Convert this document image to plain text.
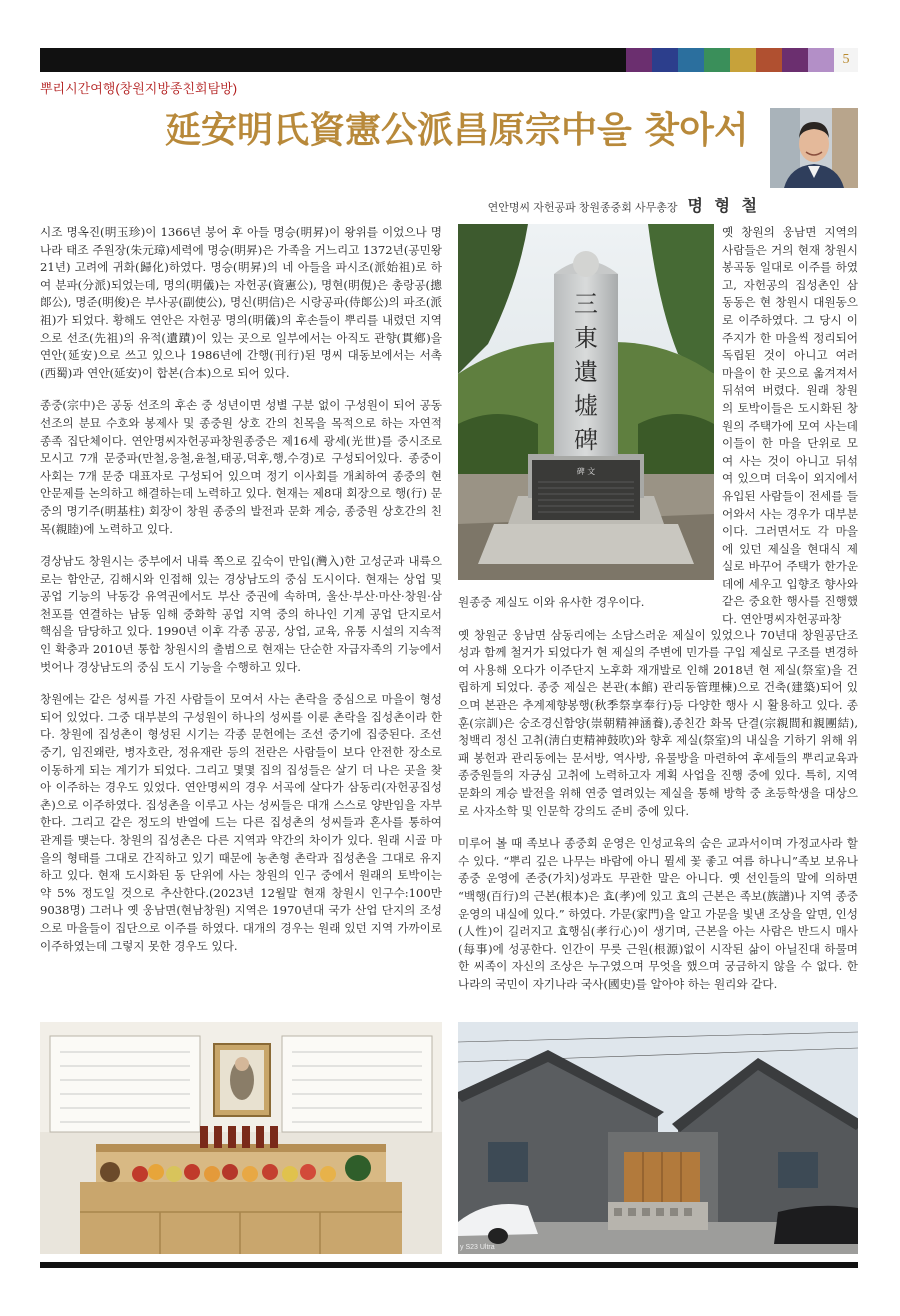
5
뿌리시간여행(창원지방종친회탐방)
延安明氏資憲公派昌原宗中을 찾아서
연안명씨 자헌공파 창원종중회 사무총장 명 형 철

시조 명옥진(明玉珍)이 1366년 붕어 후 아들 명승(明昇)이 왕위를 이었으나 명나라 태조 주원장(朱元璋)세력에 명승(明昇)은 가족을 거느리고 1372년(공민왕 21년) 고려에 귀화(歸化)하였다. 명승(明昇)의 네 아들을 파시조(派始祖)로 하여 분파(分派)되었는데, 명의(明儀)는 자헌공(資憲公), 명현(明俔)은 총랑공(摠郞公), 명준(明俊)은 부사공(副使公), 명신(明信)은 시랑공파(侍郞公)의 파조(派祖)가 되었다. 황해도 연안은 자헌공 명의(明儀)의 후손들이 뿌리를 내렸던 지역으로 선조(先祖)의 유적(遺蹟)이 있는 곳으로 일부에서는 아직도 관향(貫鄕)을 연안(延安)으로 쓰고 있으나 1986년에 간행(刊行)된 명씨 대동보에서는 서촉(西蜀)과 연안(延安)이 합본(合本)으로 되어 있다.

종중(宗中)은 공동 선조의 후손 중 성년이면 성별 구분 없이 구성원이 되어 공동 선조의 분묘 수호와 봉제사 및 종중원 상호 간의 친목을 목적으로 하는 자연적 종족 집단체이다. 연안명씨자헌공파창원종중은 제16세 광세(光世)를 중시조로 모시고 7개 문중파(만철,응철,윤철,태공,덕후,행,수경)로 구성되어있다. 종중이사회는 7개 문중 대표자로 구성되어 있으며 정기 이사회를 개최하여 종중의 현안문제를 논의하고 해결하는데 노력하고 있다. 현재는 제8대 회장으로 행(行) 문중의 명기주(明基柱) 회장이 창원 종중의 발전과 문화 계승, 종중원 상호간의 친목(親睦)에 노력하고 있다.

경상남도 창원시는 중부에서 내륙 쪽으로 깊숙이 만입(灣入)한 고성군과 내륙으로는 함안군, 김해시와 인접해 있는 경상남도의 중심 도시이다. 현재는 상업 및 공업 기능의 낙동강 유역권에서도 부산 중권에 속하며, 울산·부산·마산·창원·삼천포를 연결하는 남동 임해 중화학 공업 지역 중의 하나인 기계 공업 단지로서 핵심을 담당하고 있다. 1990년 이후 각종 공공, 상업, 교육, 유통 시설의 지속적인 확충과 2010년 통합 창원시의 출범으로 현재는 단순한 자급자족의 기능에서 벗어나 경상남도의 중심 도시 기능을 수행하고 있다.

창원에는 같은 성씨를 가진 사람들이 모여서 사는 촌락을 중심으로 마을이 형성되어 있었다. 그중 대부분의 구성원이 하나의 성씨를 이룬 촌락을 집성촌이라 한다. 창원에 집성촌이 형성된 시기는 각종 문헌에는 조선 중기에 집중된다. 조선 중기, 임진왜란, 병자호란, 정유재란 등의 전란은 사람들이 보다 안전한 장소로 이동하게 되는 계기가 되었다. 그리고 몇몇 집의 집성들은 살기 더 나은 곳을 찾아 이주하는 경우도 있었다. 연안명씨의 경우 서곡에 살다가 삼동리(자헌공집성촌)으로 이주하였다. 집성촌을 이루고 사는 성씨들은 대개 스스로 양반임을 자부한다. 그리고 같은 정도의 반열에 드는 다른 집성촌의 성씨들과 혼사를 통하여 관계를 맺는다. 창원의 집성촌은 다른 지역과 약간의 차이가 있다. 원래 시골 마을의 형태를 그대로 간직하고 있기 때문에 농촌형 촌락과 집성촌을 그대로 유지하고 있다. 현재 도시화된 동 단위에 사는 창원의 인구 중에서 원래의 토박이는 약 5% 정도일 것으로 추산한다.(2023년 12월말 현재 창원시 인구수:100만9038명) 그러나 옛 웅남면(현남창원) 지역은 1970년대 국가 산업 단지의 조성으로 마을들이 집단으로 이주를 하였다. 대개의 경우는 원래 있던 지역 가까이로 이주하였는데 그렇지 못한 경우도 있다.

碑 文
三
東
遺
墟
碑

옛 창원의 웅남면 지역의 사람들은 거의 현재 창원시 봉곡동 일대로 이주를 하였고, 자헌공의 집성촌인 삼동동은 현 창원시 대원동으로 이주하였다. 그 당시 이주지가 한 마을씩 정리되어 독립된 것이 아니고 여러 마을이 한 곳으로 옮겨져서 뒤섞여 버렸다. 원래 창원의 토박이들은 도시화된 창원의 주택가에 모여 사는데 이들이 한 마을 단위로 모여 사는 것이 아니고 뒤섞여 있으며 더욱이 외지에서 유입된 사람들이 전세를 들어와서 사는 경우가 대부분이다. 그러면서도 각 마을에 있던 제실을 현대식 제실로 바꾸어 주택가 한가운데에 세우고 입향조 향사와 같은 중요한 행사를 진행했다. 연안명씨자헌공파창

원종중 제실도 이와 유사한 경우이다.

옛 창원군 웅남면 삼동리에는 소담스러운 제실이 있었으나 70년대 창원공단조성과 함께 철거가 되었다가 현 제실의 주변에 민가를 구입 제실로 구조를 변경하여 사용해 오다가 이주단지 노후화 재개발로 인해 2018년 현 제실(祭室)을 건립하게 되었다. 종중 제실은 본관(本館) 관리동管理棟)으로 건축(建築)되어 있으며 본관은 추계제향봉행(秋季祭享奉行)등 다양한 행사 시 활용하고 있다. 종훈(宗訓)은 숭조경신함양(崇朝精神涵養),종친간 화목 단결(宗親間和親團結), 청백리 정신 고취(淸白吏精神鼓吹)와 향후 제실(祭室)의 내실을 기하기 위해 위패 봉헌과 관리동에는 문서방, 역사방, 유물방을 마련하여 후세들의 뿌리교육과 종중원들의 자긍심 고취에 노력하고자 계획 사업을 진행 중에 있다. 특히, 지역 문화의 계승 발전을 위해 연중 열려있는 제실을 통해 방학 중 초등학생을 대상으로 사자소학 및 인문학 강의도 준비 중에 있다.

미루어 볼 때 족보나 종중회 운영은 인성교육의 숨은 교과서이며 가정교사라 할 수 있다. “뿌리 깊은 나무는 바람에 아니 뮐세 꽃 좋고 여름 하나니”족보 보유나 종중 운영에 존중(가치)성과도 무관한 말은 아니다. 옛 선인들의 말에 의하면 “백행(百行)의 근본(根本)은 효(孝)에 있고 효의 근본은 족보(族譜)나 지역 종중 운영의 내실에 있다.” 하였다. 가문(家門)을 알고 가문을 빛낸 조상을 알면, 인성(人性)이 길러지고 효행심(孝行心)이 생기며, 근본을 아는 사람은 반드시 매사(每事)에 성공한다. 인간이 무릇 근원(根源)없이 시작된 삶이 아닐진대 하물며 한 씨족이 자신의 조상은 누구였으며 무엇을 했으며 궁금하지 않을 수 없다. 한나라의 국민이 자기나라 국사(國史)를 알아야 하는 원리와 같다.

y S23 Ultra
